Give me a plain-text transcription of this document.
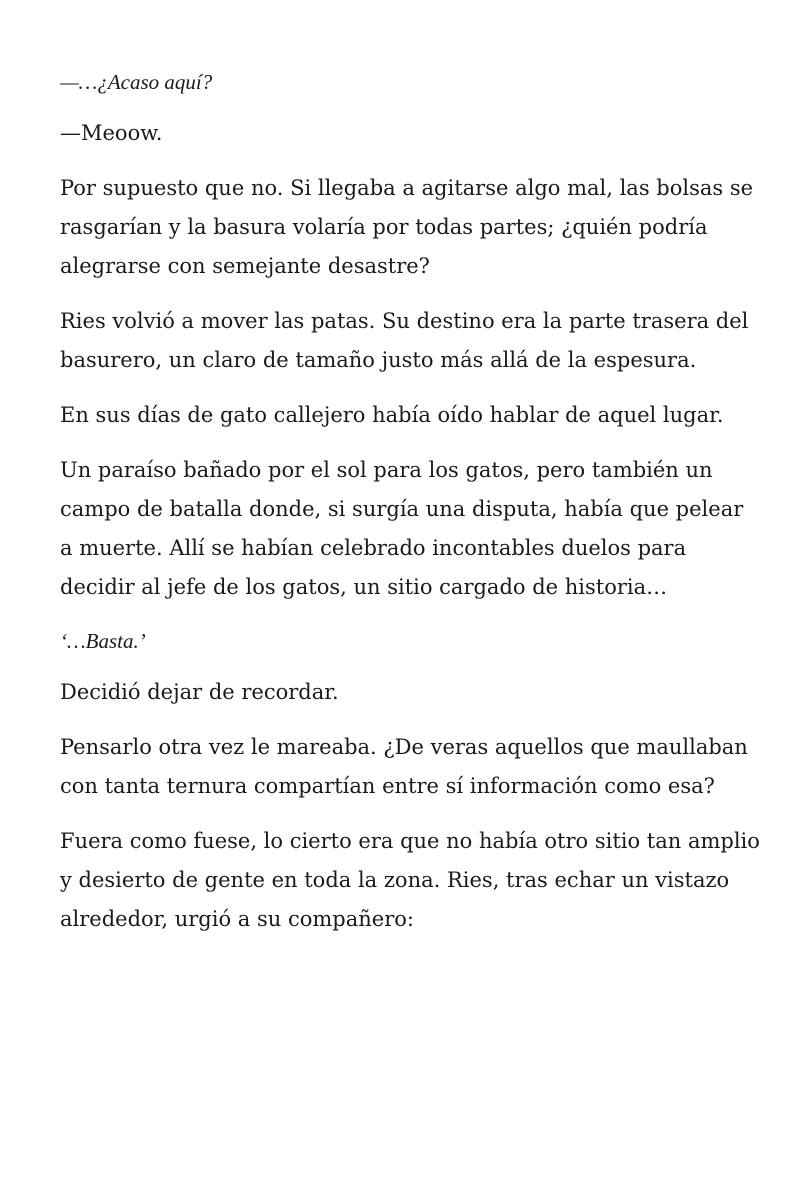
—…¿Acaso aquí?

—Meoow.

Por supuesto que no. Si llegaba a agitarse algo mal, las bolsas se rasgarían y la basura volaría por todas partes; ¿quién podría alegrarse con semejante desastre?

Ries volvió a mover las patas. Su destino era la parte trasera del basurero, un claro de tamaño justo más allá de la espesura.

En sus días de gato callejero había oído hablar de aquel lugar.

Un paraíso bañado por el sol para los gatos, pero también un campo de batalla donde, si surgía una disputa, había que pelear a muerte. Allí se habían celebrado incontables duelos para decidir al jefe de los gatos, un sitio cargado de historia…

‘…Basta.’

Decidió dejar de recordar.

Pensarlo otra vez le mareaba. ¿De veras aquellos que maullaban con tanta ternura compartían entre sí información como esa?

Fuera como fuese, lo cierto era que no había otro sitio tan amplio y desierto de gente en toda la zona. Ries, tras echar un vistazo alrededor, urgió a su compañero:
